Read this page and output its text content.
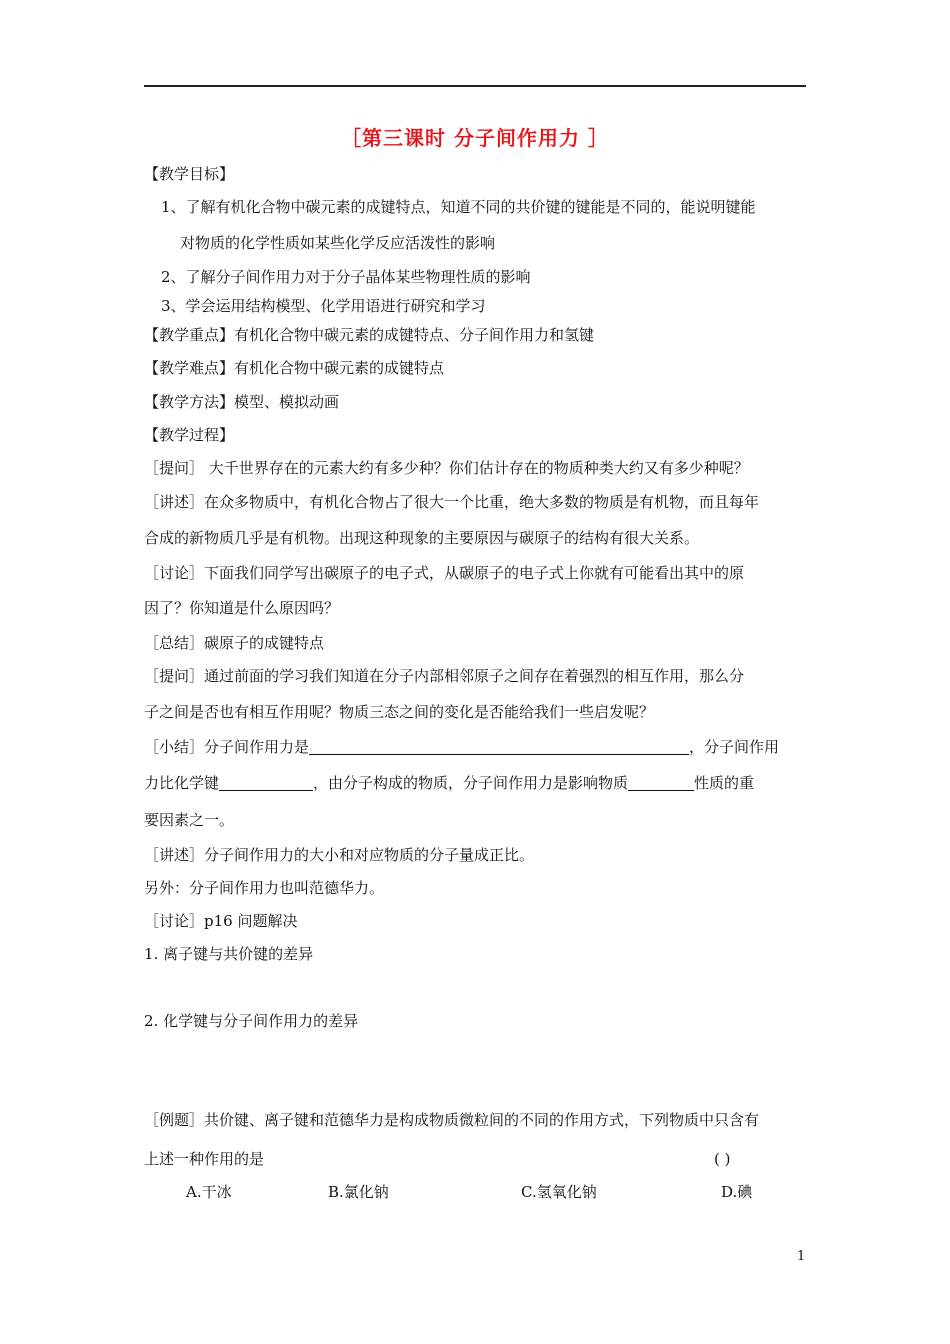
［第三课时 分子间作用力 ］
【教学目标】
1、了解有机化合物中碳元素的成键特点，知道不同的共价键的键能是不同的，能说明键能
对物质的化学性质如某些化学反应活泼性的影响
2、了解分子间作用力对于分子晶体某些物理性质的影响
3、学会运用结构模型、化学用语进行研究和学习
【教学重点】有机化合物中碳元素的成键特点、分子间作用力和氢键
【教学难点】有机化合物中碳元素的成键特点
【教学方法】模型、模拟动画
【教学过程】
［提问］ 大千世界存在的元素大约有多少种？你们估计存在的物质种类大约又有多少种呢？
［讲述］在众多物质中，有机化合物占了很大一个比重，绝大多数的物质是有机物，而且每年
合成的新物质几乎是有机物。出现这种现象的主要原因与碳原子的结构有很大关系。
［讨论］下面我们同学写出碳原子的电子式，从碳原子的电子式上你就有可能看出其中的原
因了？你知道是什么原因吗？
［总结］碳原子的成键特点
［提问］通过前面的学习我们知道在分子内部相邻原子之间存在着强烈的相互作用，那么分
子之间是否也有相互作用呢？物质三态之间的变化是否能给我们一些启发呢？
［小结］分子间作用力是	，分子间作用
力比化学键	，由分子构成的物质，分子间作用力是影响物质	性质的重
要因素之一。
［讲述］分子间作用力的大小和对应物质的分子量成正比。
另外：分子间作用力也叫范德华力。
［讨论］p16 问题解决
1. 离子键与共价键的差异
2. 化学键与分子间作用力的差异
［例题］共价键、离子键和范德华力是构成物质微粒间的不同的作用方式，下列物质中只含有
上述一种作用的是	( )
A.干冰	B.氯化钠	C.氢氧化钠	D.碘
1
